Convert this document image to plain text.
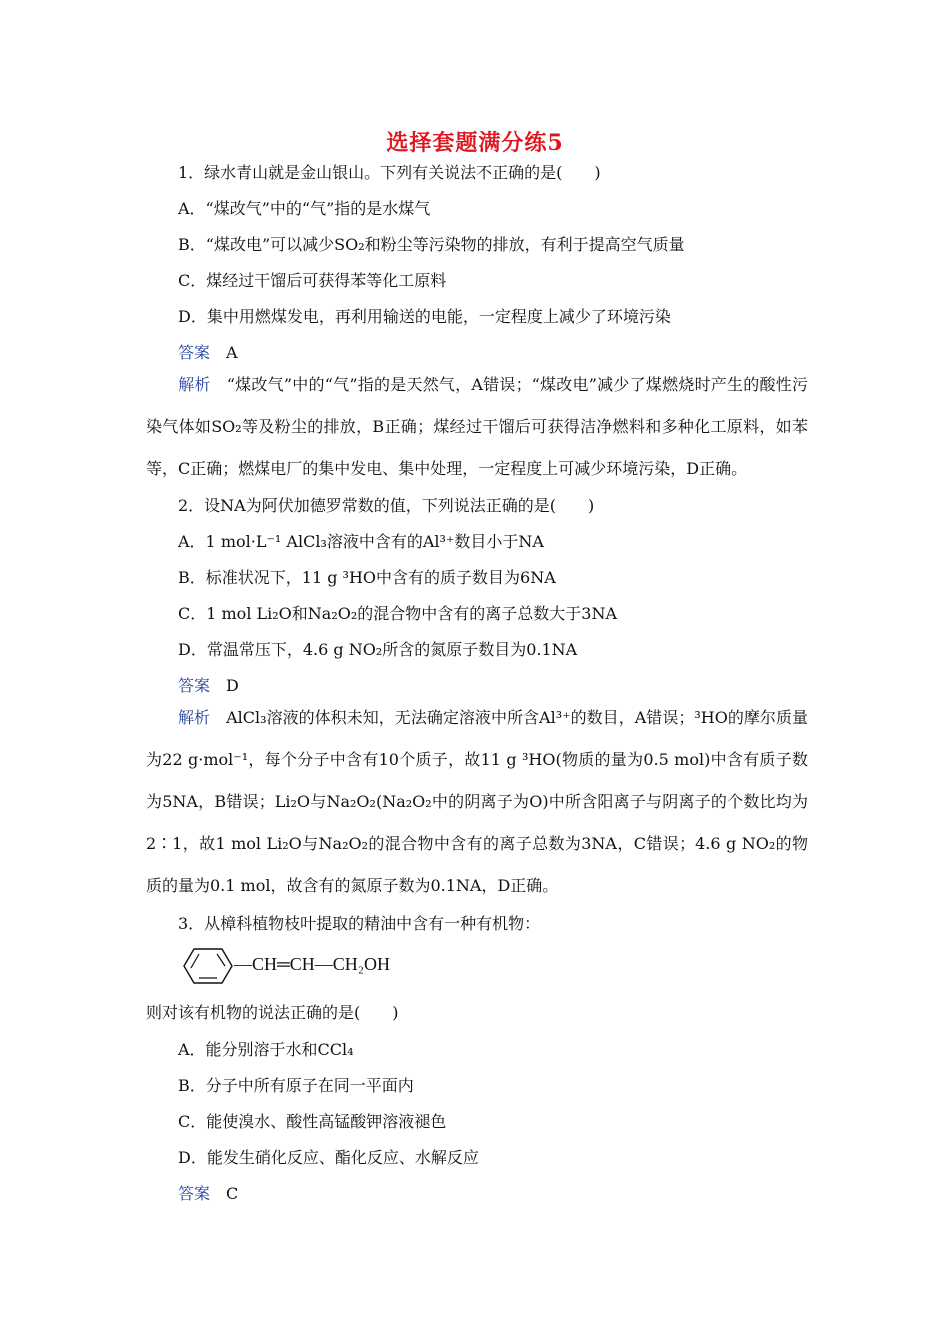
选择套题满分练5
1．绿水青山就是金山银山。下列有关说法不正确的是(　　)
A．“煤改气”中的“气”指的是水煤气
B．“煤改电”可以减少SO₂和粉尘等污染物的排放，有利于提高空气质量
C．煤经过干馏后可获得苯等化工原料
D．集中用燃煤发电，再利用输送的电能，一定程度上减少了环境污染
答案 A
解析 “煤改气”中的“气”指的是天然气，A错误；“煤改电”减少了煤燃烧时产生的酸性污染气体如SO₂等及粉尘的排放，B正确；煤经过干馏后可获得洁净燃料和多种化工原料，如苯等，C正确；燃煤电厂的集中发电、集中处理，一定程度上可减少环境污染，D正确。
2．设NA为阿伏加德罗常数的值，下列说法正确的是(　　)
A．1 mol·L⁻¹ AlCl₃溶液中含有的Al³⁺数目小于NA
B．标准状况下，11 g ³HO中含有的质子数目为6NA
C．1 mol Li₂O和Na₂O₂的混合物中含有的离子总数大于3NA
D．常温常压下，4.6 g NO₂所含的氮原子数目为0.1NA
答案 D
解析 AlCl₃溶液的体积未知，无法确定溶液中所含Al³⁺的数目，A错误；³HO的摩尔质量为22 g·mol⁻¹，每个分子中含有10个质子，故11 g ³HO(物质的量为0.5 mol)中含有质子数为5NA，B错误；Li₂O与Na₂O₂(Na₂O₂中的阴离子为O)中所含阳离子与阴离子的个数比均为2∶1，故1 mol Li₂O与Na₂O₂的混合物中含有的离子总数为3NA，C错误；4.6 g NO₂的物质的量为0.1 mol，故含有的氮原子数为0.1NA，D正确。
3．从樟科植物枝叶提取的精油中含有一种有机物：
—CH═CH—CH₂OH
则对该有机物的说法正确的是(　　)
A．能分别溶于水和CCl₄
B．分子中所有原子在同一平面内
C．能使溴水、酸性高锰酸钾溶液褪色
D．能发生硝化反应、酯化反应、水解反应
答案 C
